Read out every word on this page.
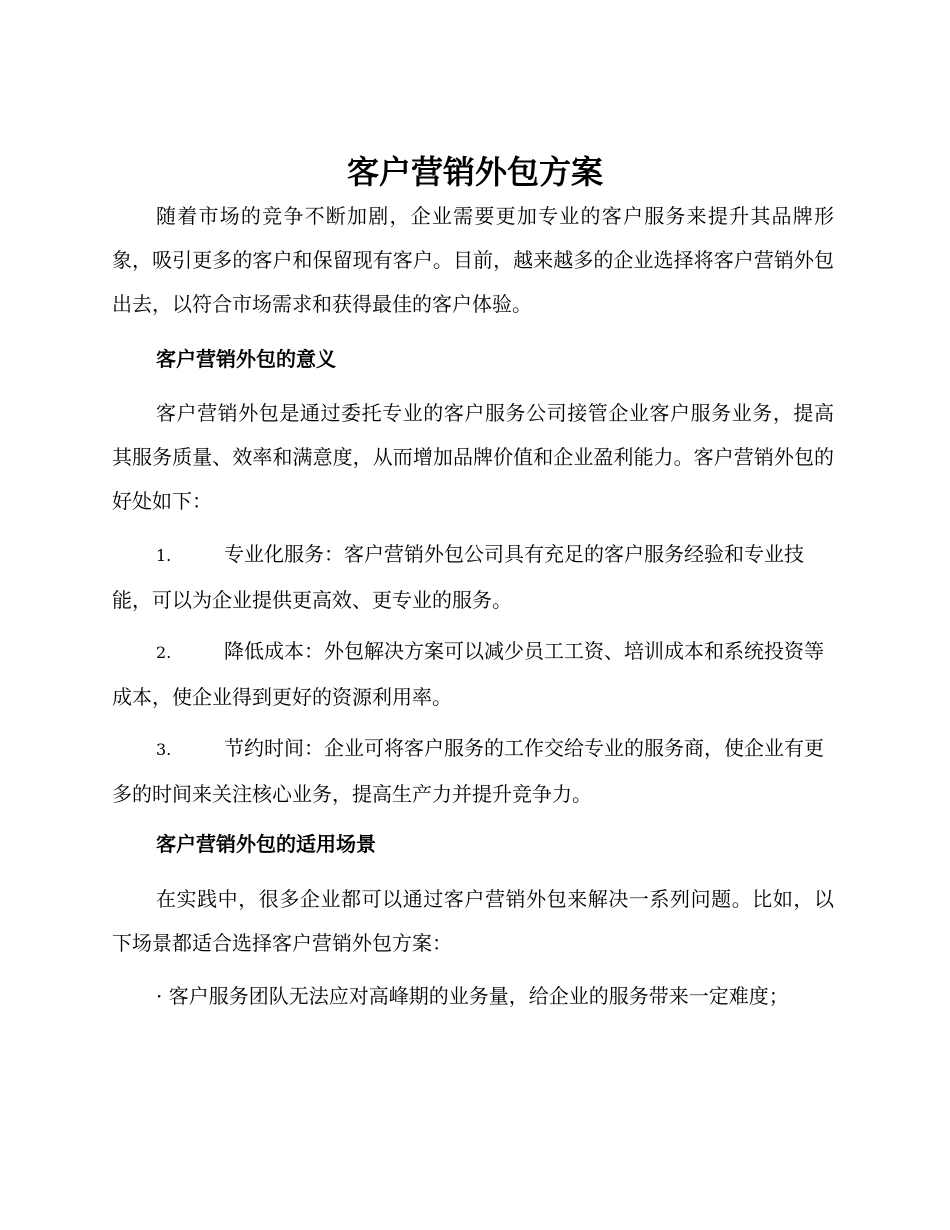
客户营销外包方案

随着市场的竞争不断加剧，企业需要更加专业的客户服务来提升其品牌形象，吸引更多的客户和保留现有客户。目前，越来越多的企业选择将客户营销外包出去，以符合市场需求和获得最佳的客户体验。

客户营销外包的意义

客户营销外包是通过委托专业的客户服务公司接管企业客户服务业务，提高其服务质量、效率和满意度，从而增加品牌价值和企业盈利能力。客户营销外包的好处如下：

1.	专业化服务：客户营销外包公司具有充足的客户服务经验和专业技能，可以为企业提供更高效、更专业的服务。

2.	降低成本：外包解决方案可以减少员工工资、培训成本和系统投资等成本，使企业得到更好的资源利用率。

3.	节约时间：企业可将客户服务的工作交给专业的服务商，使企业有更多的时间来关注核心业务，提高生产力并提升竞争力。

客户营销外包的适用场景

在实践中，很多企业都可以通过客户营销外包来解决一系列问题。比如，以下场景都适合选择客户营销外包方案：

· 客户服务团队无法应对高峰期的业务量，给企业的服务带来一定难度；
